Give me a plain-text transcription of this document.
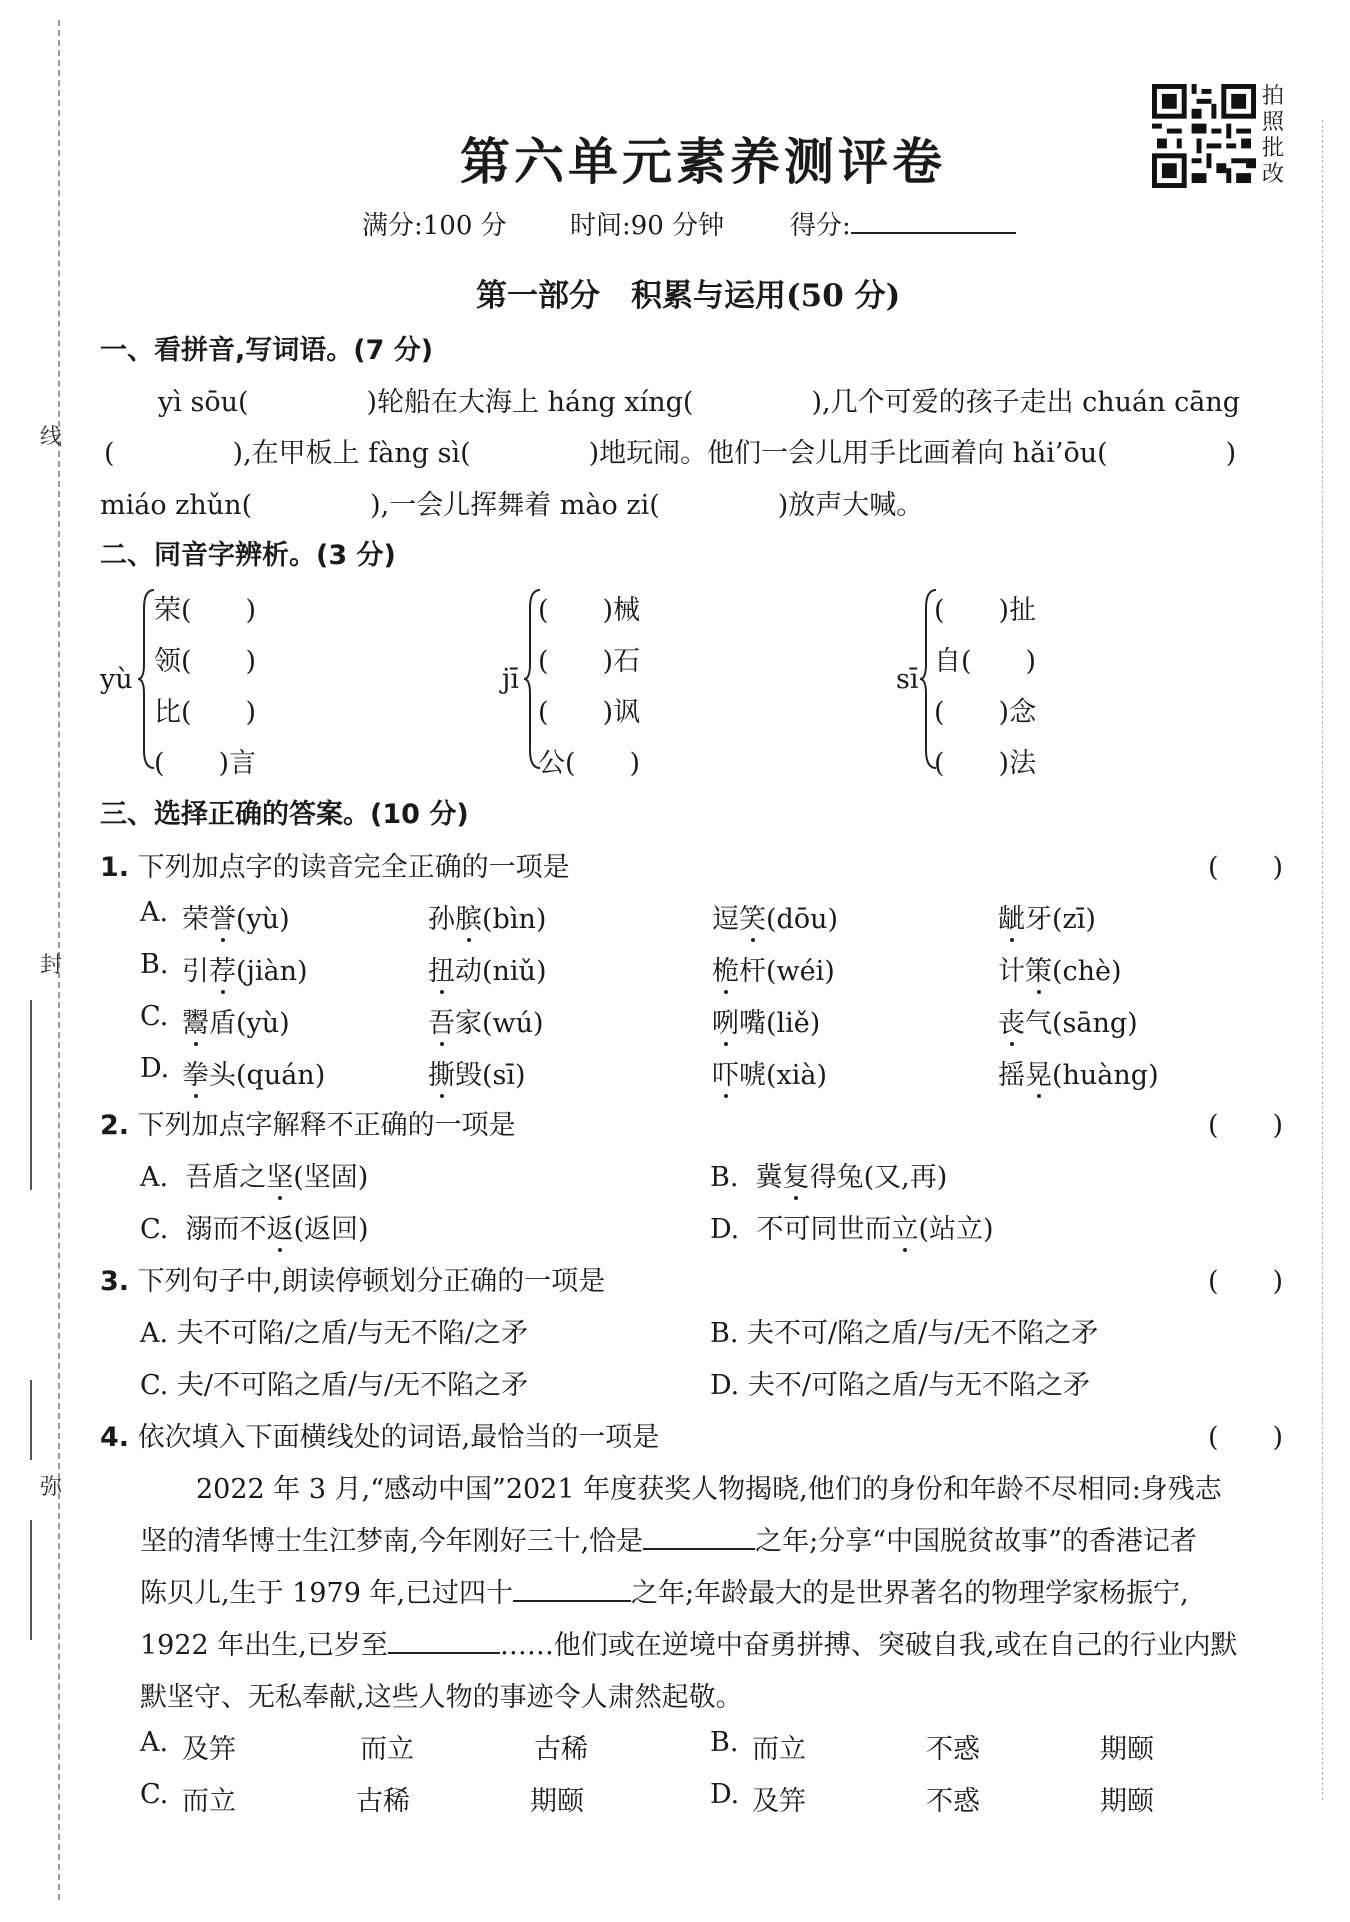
线
封
弥
第六单元素养测评卷
满分:100 分 时间:90 分钟	得分:
拍照批改
第一部分　积累与运用(50 分)
一、看拼音,写词语。(7 分)
yì sōu(	)轮船在大海上 háng xíng(	),几个可爱的孩子走出 chuán cāng
(	),在甲板上 fàng sì(	)地玩闹。他们一会儿用手比画着向 hǎi’ōu(	)
miáo zhǔn(	),一会儿挥舞着 mào zi(	)放声大喊。
二、同音字辨析。(3 分)
yù
荣(　　)
领(　　)
比(　　)
(　　)言
jī
(　　)械
(　　)石
(　　)讽
公(　　)
sī
(　　)扯
自(　　)
(　　)念
(　　)法
三、选择正确的答案。(10 分)
1. 下列加点字的读音完全正确的一项是	(　　)
A. 荣誉(yù)	孙膑(bìn)	逗笑(dōu)	龇牙(zī)
B. 引荐(jiàn)	扭动(niǔ)	桅杆(wéi)	计策(chè)
C. 鬻盾(yù)	吾家(wú)	咧嘴(liě)	丧气(sāng)
D. 拳头(quán)	撕毁(sī)	吓唬(xià)	摇晃(huàng)
2. 下列加点字解释不正确的一项是	(　　)
A. 吾盾之坚(坚固)	B. 冀复得兔(又,再)
C. 溺而不返(返回)	D. 不可同世而立(站立)
3. 下列句子中,朗读停顿划分正确的一项是	(　　)
A. 夫不可陷/之盾/与无不陷/之矛	B. 夫不可/陷之盾/与/无不陷之矛
C. 夫/不可陷之盾/与/无不陷之矛	D. 夫不/可陷之盾/与无不陷之矛
4. 依次填入下面横线处的词语,最恰当的一项是	(　　)
2022 年 3 月,“感动中国”2021 年度获奖人物揭晓,他们的身份和年龄不尽相同:身残志
坚的清华博士生江梦南,今年刚好三十,恰是	之年;分享“中国脱贫故事”的香港记者
陈贝儿,生于 1979 年,已过四十	之年;年龄最大的是世界著名的物理学家杨振宁,
1922 年出生,已岁至	……他们或在逆境中奋勇拼搏、突破自我,或在自己的行业内默
默坚守、无私奉献,这些人物的事迹令人肃然起敬。
A. 及笄	而立	古稀	B. 而立	不惑	期颐
C. 而立	古稀	期颐	D. 及笄	不惑	期颐
